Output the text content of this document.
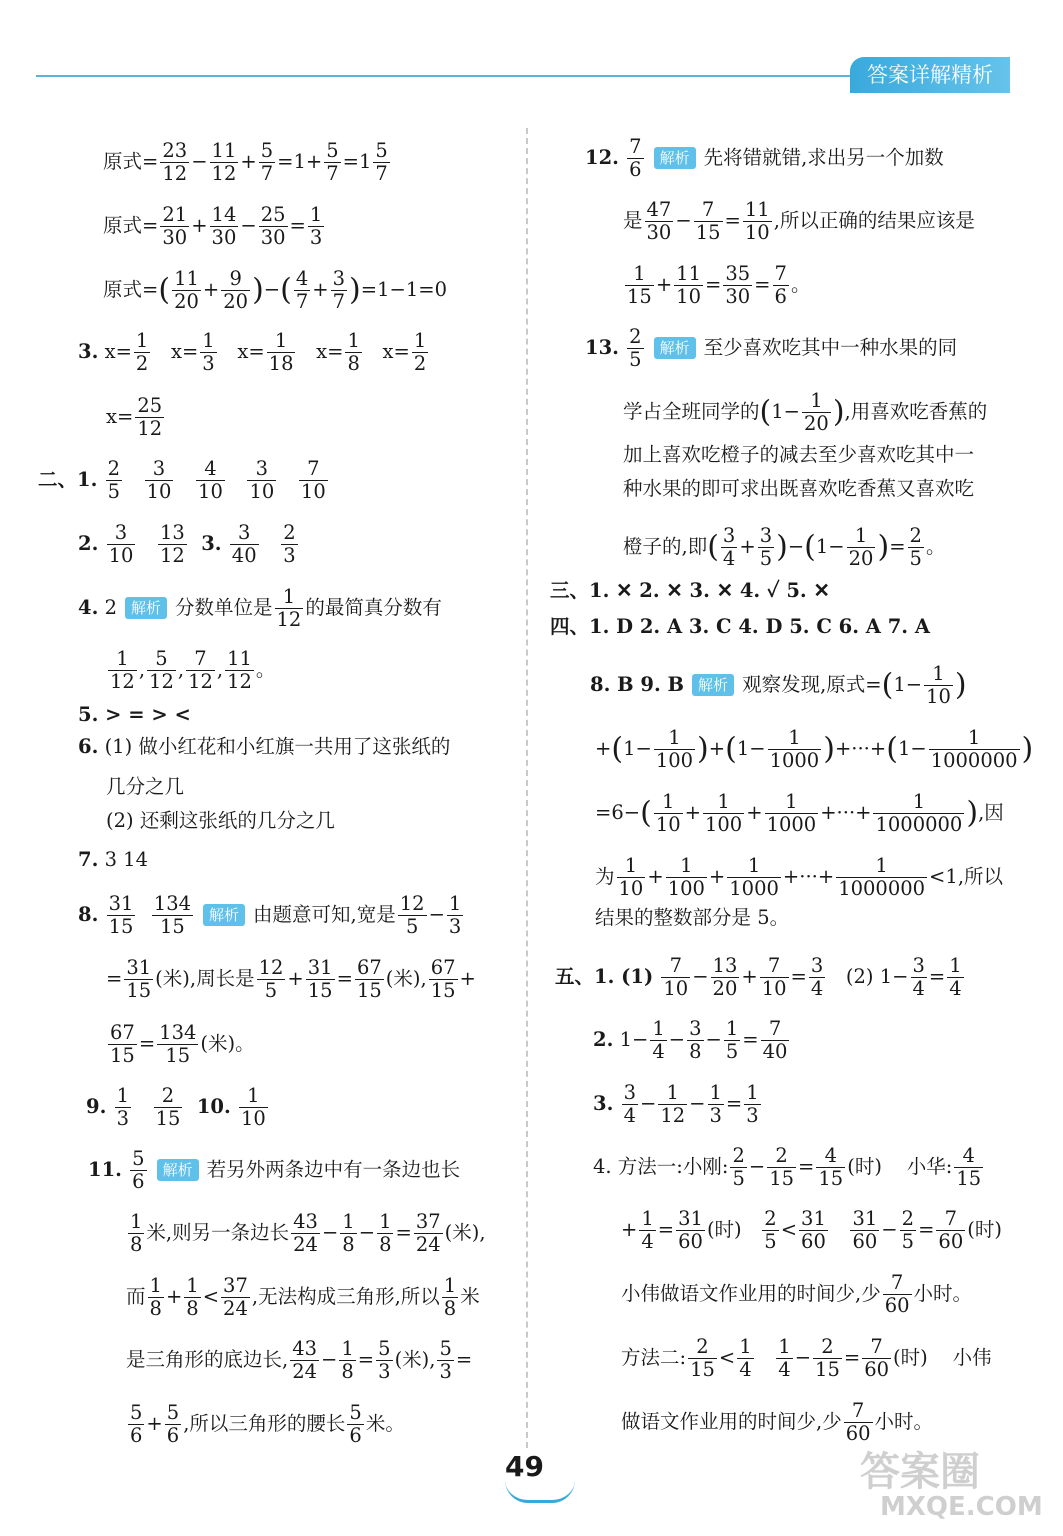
答案详解精析
原式= $\frac{23}{12} - \frac{11}{12} + \frac{5}{7} =1+ \frac{5}{7} =1 \frac{5}{7}$
原式= $\frac{21}{30} + \frac{14}{30} - \frac{25}{30} = \frac{1}{3}$
原式=( $\frac{11}{20} + \frac{9}{20}$ )−( $\frac{4}{7} + \frac{3}{7} )=1-1=0$
3. $x= \frac{1}{2} x= \frac{1}{3} x= \frac{1}{18} x= \frac{1}{8} x= \frac{1}{2}$
$x= \frac{25}{12}$
二、1. $\frac{2}{5}$
$\frac{3}{10}$
$\frac{4}{10}$
$\frac{3}{10}$
$\frac{7}{10}$
2. $\frac{3}{10}$
$\frac{13}{12} 3$. $\frac{3}{40}$
$\frac{2}{3}$
4. 2 解析 分数单位是 $\frac{1}{12}$ 的最简真分数有
$\frac{1}{12}$ , $\frac{5}{12}$ , $\frac{7}{12}$ , $\frac{11}{12}$ 。
5. > = > <
6. (1) 做小红花和小红旗一共用了这张纸的
几分之几
(2) 还剩这张纸的几分之几
7. 3 14
8. $\frac{31}{15}$
$\frac{134}{15}$ 解析 由题意可知,宽是 $\frac{12}{5} - \frac{1}{3}$
= $\frac{31}{15}$ (米),周长是 $\frac{12}{5} + \frac{31}{15} = \frac{67}{15}$ (米), $\frac{67}{15}$ +
$\frac{67}{15} = \frac{134}{15}$ (米)。
9. $\frac{1}{3}$
$\frac{2}{15} 10$. $\frac{1}{10}$
11. $\frac{5}{6}$ 解析 若另外两条边中有一条边也长
$\frac{1}{8}$ 米,则另一条边长 $\frac{43}{24} - \frac{1}{8} - \frac{1}{8} = \frac{37}{24}$ (米),
而 $\frac{1}{8} + \frac{1}{8} < \frac{37}{24}$ ,无法构成三角形,所以 $\frac{1}{8}$ 米
是三角形的底边长, $\frac{43}{24} - \frac{1}{8} = \frac{5}{3}$ (米), $\frac{5}{3}$ =
$\frac{5}{6} + \frac{5}{6}$ ,所以三角形的腰长 $\frac{5}{6}$ 米。
12. $\frac{7}{6}$ 解析 先将错就错,求出另一个加数
是 $\frac{47}{30} - \frac{7}{15} = \frac{11}{10}$ ,所以正确的结果应该是
$\frac{1}{15} + \frac{11}{10} = \frac{35}{30} = \frac{7}{6}$ 。
13. $\frac{2}{5}$ 解析 至少喜欢吃其中一种水果的同
学占全班同学的($1- \frac{1}{20}$ ),用喜欢吃香蕉的
加上喜欢吃橙子的减去至少喜欢吃其中一
种水果的即可求出既喜欢吃香蕉又喜欢吃
橙子的,即( $\frac{3}{4} + \frac{3}{5} )-(1- \frac{1}{20}$ )= $\frac{2}{5}$ 。
三、1. ✕ 2. ✕ 3. ✕ 4. ✓ 5. ✕
四、1. D 2. A 3. C 4. D 5. C 6. A 7. A
8. B 9. B 解析 观察发现,原式$=(1- \frac{1}{10}$ )
$+(1- \frac{1}{100} )+(1- \frac{1}{1000} )+\cdot\cdot\cdot+(1- \frac{1}{1000000}$ )
$=6-( \frac{1}{10} + \frac{1}{100} + \frac{1}{1000}$ +···+ $\frac{1}{1000000}$ ),因
为 $\frac{1}{10} + \frac{1}{100} + \frac{1}{1000}$ +···+ $\frac{1}{1000000} <1$,所以
结果的整数部分是 5。
五、1. $(1) \frac{7}{10} - \frac{13}{20} + \frac{7}{10} = \frac{3}{4} (2)$ $1- \frac{3}{4} = \frac{1}{4}$
2. $1- \frac{1}{4} - \frac{3}{8} - \frac{1}{5} = \frac{7}{40}$
3. $\frac{3}{4} - \frac{1}{12} - \frac{1}{3} = \frac{1}{3}$
4. 方法一:小刚: $\frac{2}{5} - \frac{2}{15} = \frac{4}{15}$ (时) 小华: $\frac{4}{15}$
+ $\frac{1}{4} = \frac{31}{60}$ (时) $\frac{2}{5} < \frac{31}{60}$
$\frac{31}{60} - \frac{2}{5} = \frac{7}{60}$ (时)
小伟做语文作业用的时间少,少 $\frac{7}{60}$ 小时。
方法二: $\frac{2}{15} < \frac{1}{4}$
$\frac{1}{4} - \frac{2}{15} = \frac{7}{60}$ (时) 小伟
做语文作业用的时间少,少 $\frac{7}{60}$ 小时。
49	答案圈
MXQE.COM
